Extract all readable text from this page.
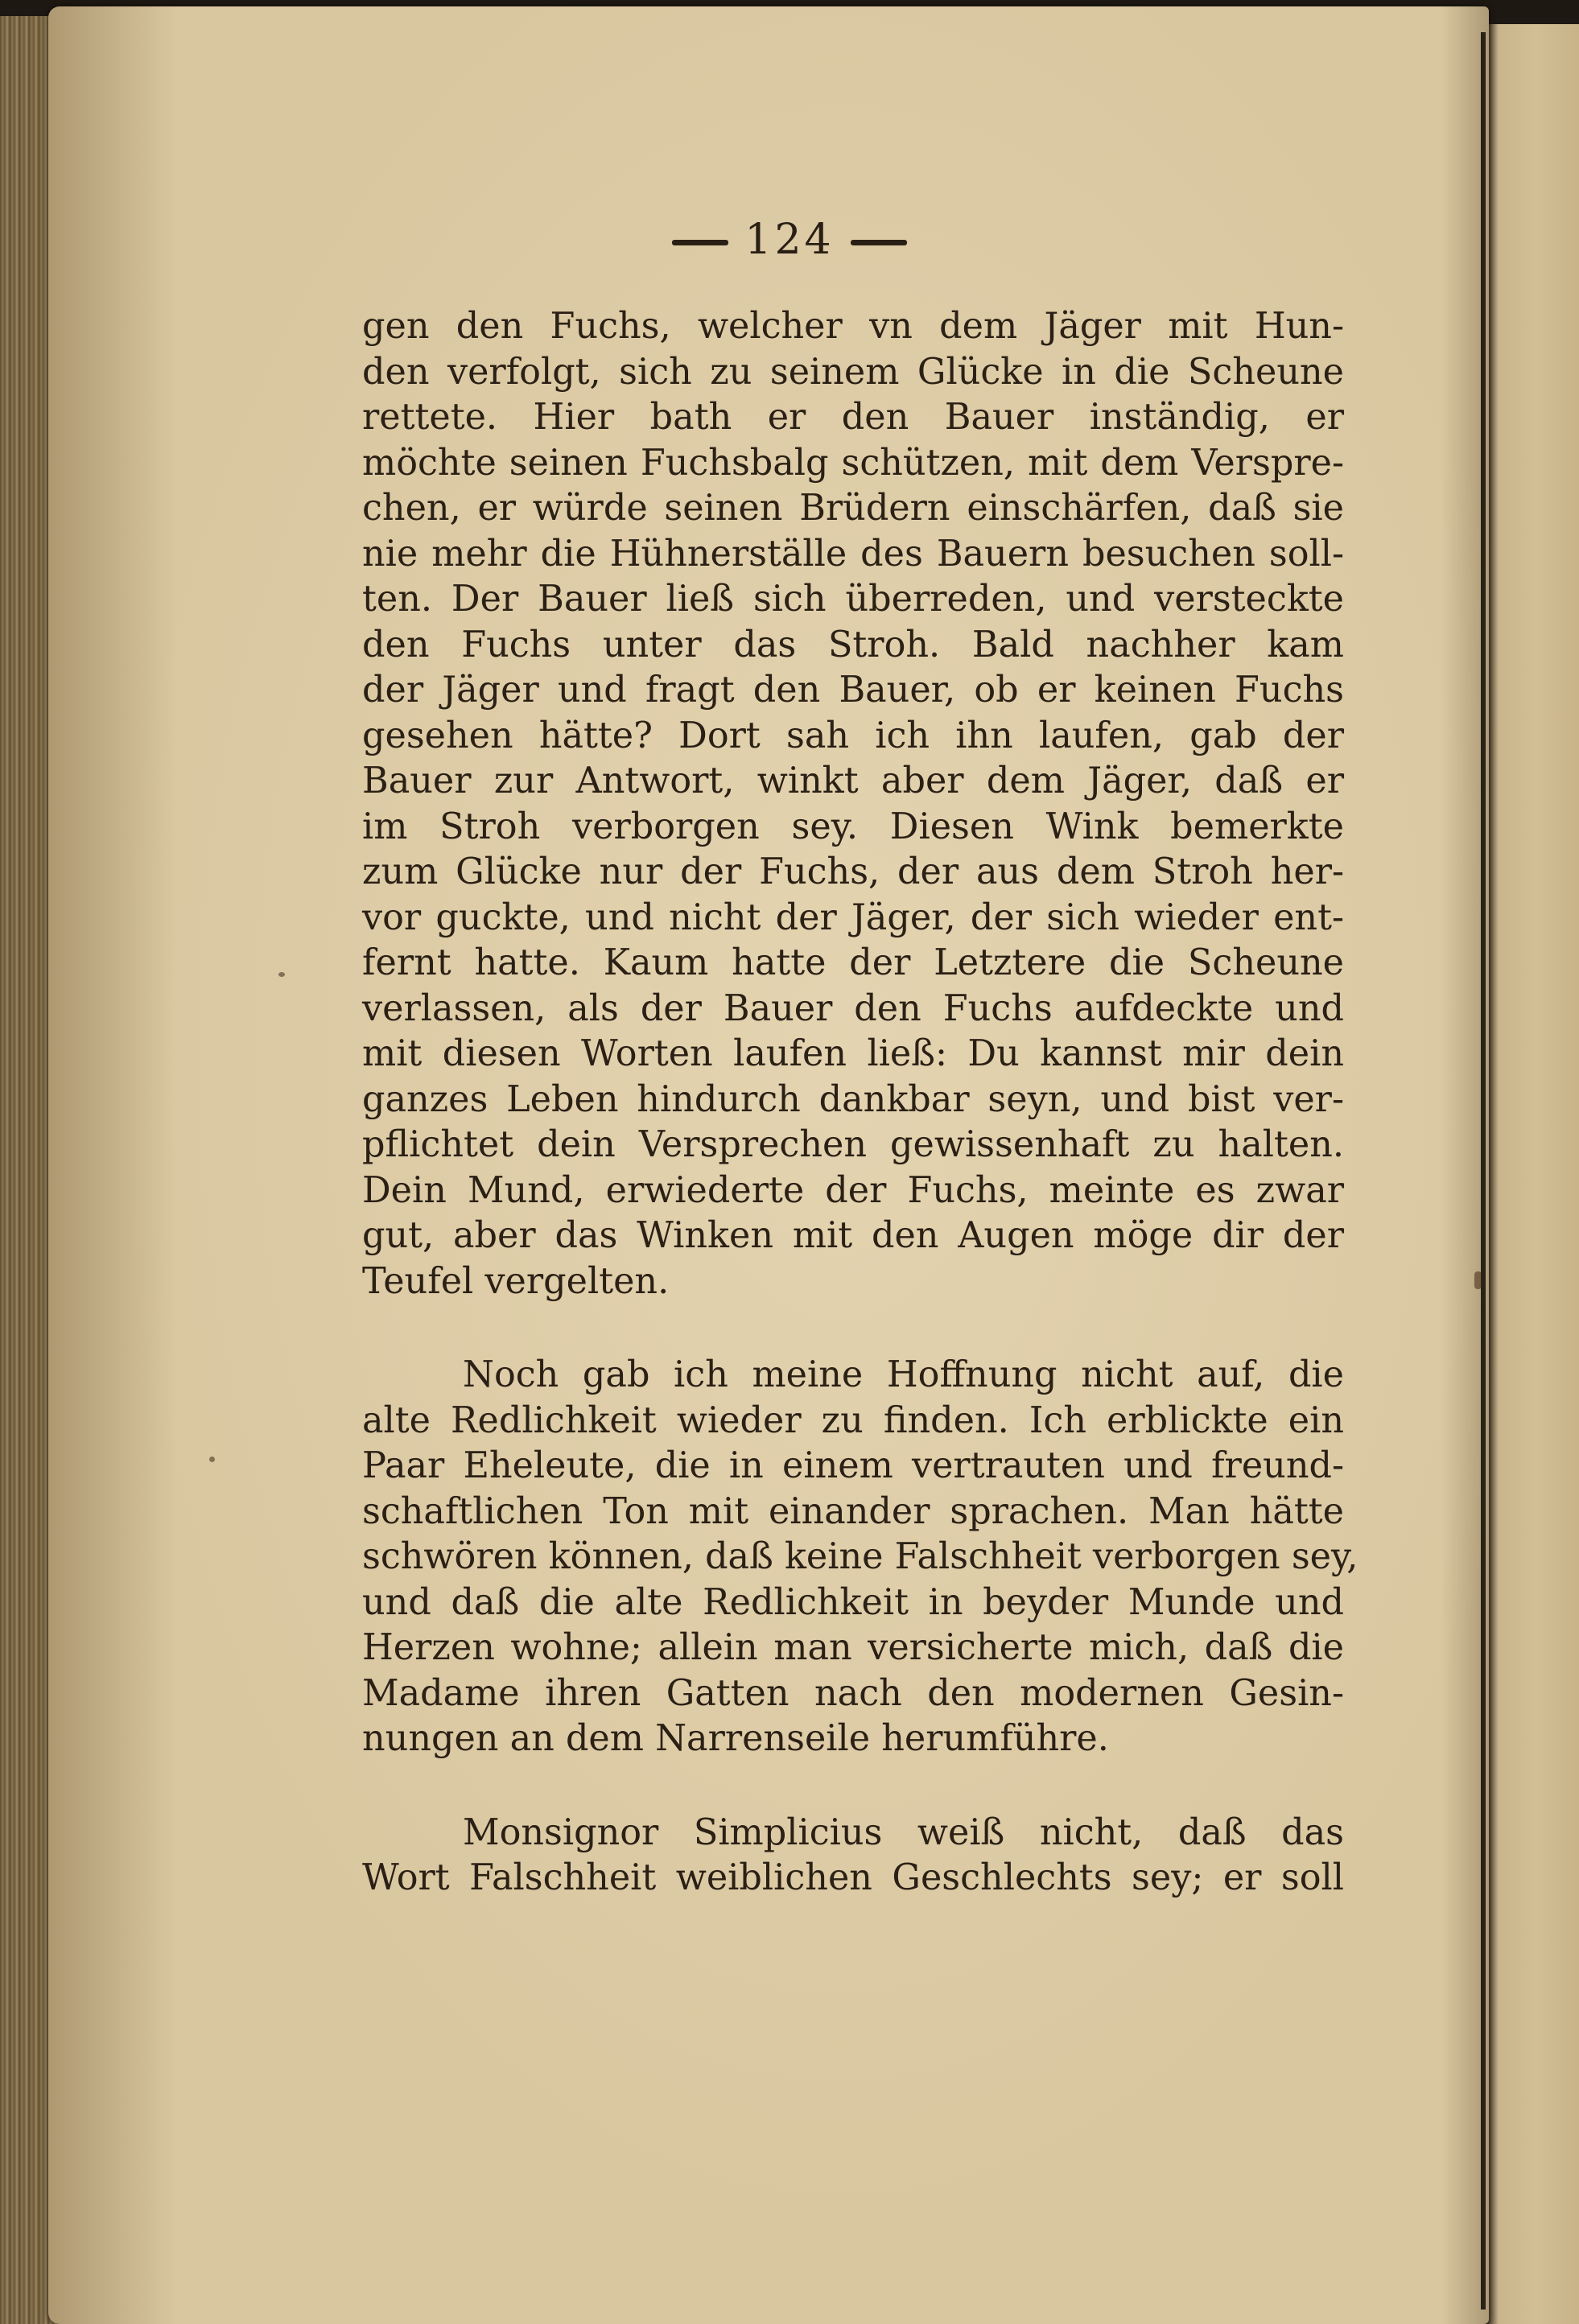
124
gen den Fuchs, welcher vn dem Jäger mit Hun-
den verfolgt, sich zu seinem Glücke in die Scheune
rettete. Hier bath er den Bauer inständig, er
möchte seinen Fuchsbalg schützen, mit dem Verspre-
chen, er würde seinen Brüdern einschärfen, daß sie
nie mehr die Hühnerställe des Bauern besuchen soll-
ten. Der Bauer ließ sich überreden, und versteckte
den Fuchs unter das Stroh. Bald nachher kam
der Jäger und fragt den Bauer, ob er keinen Fuchs
gesehen hätte? Dort sah ich ihn laufen, gab der
Bauer zur Antwort, winkt aber dem Jäger, daß er
im Stroh verborgen sey. Diesen Wink bemerkte
zum Glücke nur der Fuchs, der aus dem Stroh her-
vor guckte, und nicht der Jäger, der sich wieder ent-
fernt hatte. Kaum hatte der Letztere die Scheune
verlassen, als der Bauer den Fuchs aufdeckte und
mit diesen Worten laufen ließ: Du kannst mir dein
ganzes Leben hindurch dankbar seyn, und bist ver-
pflichtet dein Versprechen gewissenhaft zu halten.
Dein Mund, erwiederte der Fuchs, meinte es zwar
gut, aber das Winken mit den Augen möge dir der
Teufel vergelten.
Noch gab ich meine Hoffnung nicht auf, die
alte Redlichkeit wieder zu finden. Ich erblickte ein
Paar Eheleute, die in einem vertrauten und freund-
schaftlichen Ton mit einander sprachen. Man hätte
schwören können, daß keine Falschheit verborgen sey,
und daß die alte Redlichkeit in beyder Munde und
Herzen wohne; allein man versicherte mich, daß die
Madame ihren Gatten nach den modernen Gesin-
nungen an dem Narrenseile herumführe.
Monsignor Simplicius weiß nicht, daß das
Wort Falschheit weiblichen Geschlechts sey; er soll
